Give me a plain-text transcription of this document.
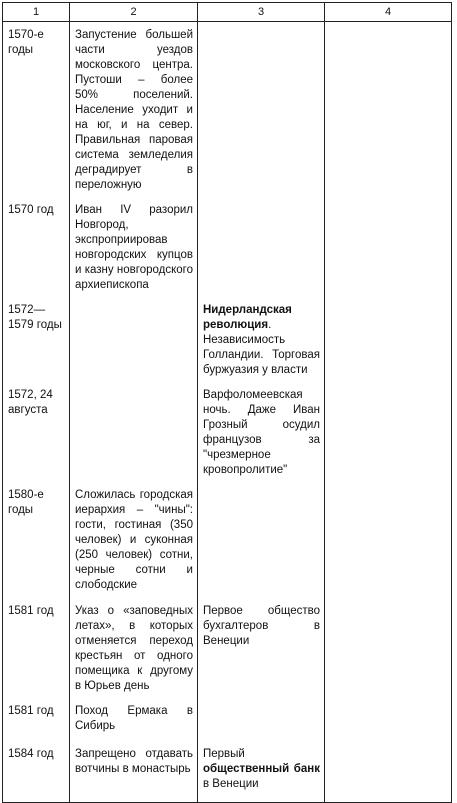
1	2	3	4
1570-е годы	Запустение большей части уездов московского центра. Пустоши – более 50% поселений. Население уходит и на юг, и на север. Правильная паровая система земледелия деградирует в переложную		
1570 год	Иван IV разорил Новгород, экспроприировав новгородских купцов и казну новгородского архиепископа		
1572—1579 годы		Нидерландская революция. Независимость Голландии. Торговая буржуазия у власти	
1572, 24 августа		Варфоломеевская ночь. Даже Иван Грозный осудил французов за "чрезмерное кровопролитие"	
1580-е годы	Сложилась городская иерархия – "чины": гости, гостиная (350 человек) и суконная (250 человек) сотни, черные сотни и слободские		
1581 год	Указ о «заповедных летах», в которых отменяется переход крестьян от одного помещика к другому в Юрьев день	Первое общество бухгалтеров в Венеции	
1581 год	Поход Ермака в Сибирь		
1584 год	Запрещено отдавать вотчины в монастырь	Первый общественный банк в Венеции	
